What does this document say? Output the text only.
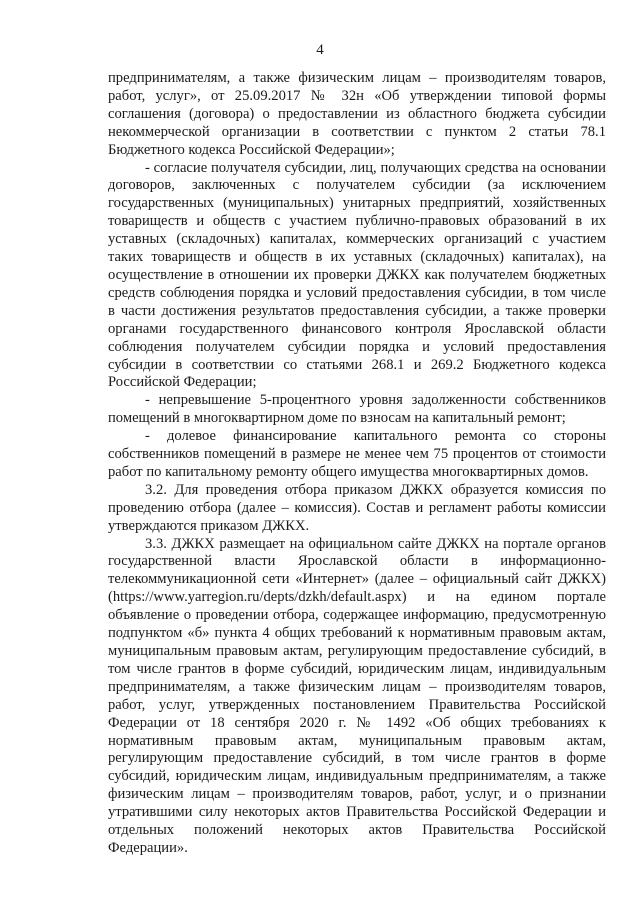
4

предпринимателям, а также физическим лицам – производителям товаров, работ, услуг», от 25.09.2017 № 32н «Об утверждении типовой формы соглашения (договора) о предоставлении из областного бюджета субсидии некоммерческой организации в соответствии с пунктом 2 статьи 78.1 Бюджетного кодекса Российской Федерации»;

- согласие получателя субсидии, лиц, получающих средства на основании договоров, заключенных с получателем субсидии (за исключением государственных (муниципальных) унитарных предприятий, хозяйственных товариществ и обществ с участием публично-правовых образований в их уставных (складочных) капиталах, коммерческих организаций с участием таких товариществ и обществ в их уставных (складочных) капиталах), на осуществление в отношении их проверки ДЖКХ как получателем бюджетных средств соблюдения порядка и условий предоставления субсидии, в том числе в части достижения результатов предоставления субсидии, а также проверки органами государственного финансового контроля Ярославской области соблюдения получателем субсидии порядка и условий предоставления субсидии в соответствии со статьями 268.1 и 269.2 Бюджетного кодекса Российской Федерации;

- непревышение 5-процентного уровня задолженности собственников помещений в многоквартирном доме по взносам на капитальный ремонт;

- долевое финансирование капитального ремонта со стороны собственников помещений в размере не менее чем 75 процентов от стоимости работ по капитальному ремонту общего имущества многоквартирных домов.

3.2. Для проведения отбора приказом ДЖКХ образуется комиссия по проведению отбора (далее – комиссия). Состав и регламент работы комиссии утверждаются приказом ДЖКХ.

3.3. ДЖКХ размещает на официальном сайте ДЖКХ на портале органов государственной власти Ярославской области в информационно-телекоммуникационной сети «Интернет» (далее – официальный сайт ДЖКХ) (https://www.yarregion.ru/depts/dzkh/default.aspx) и на едином портале объявление о проведении отбора, содержащее информацию, предусмотренную подпунктом «б» пункта 4 общих требований к нормативным правовым актам, муниципальным правовым актам, регулирующим предоставление субсидий, в том числе грантов в форме субсидий, юридическим лицам, индивидуальным предпринимателям, а также физическим лицам – производителям товаров, работ, услуг, утвержденных постановлением Правительства Российской Федерации от 18 сентября 2020 г. № 1492 «Об общих требованиях к нормативным правовым актам, муниципальным правовым актам, регулирующим предоставление субсидий, в том числе грантов в форме субсидий, юридическим лицам, индивидуальным предпринимателям, а также физическим лицам – производителям товаров, работ, услуг, и о признании утратившими силу некоторых актов Правительства Российской Федерации и отдельных положений некоторых актов Правительства Российской Федерации».
